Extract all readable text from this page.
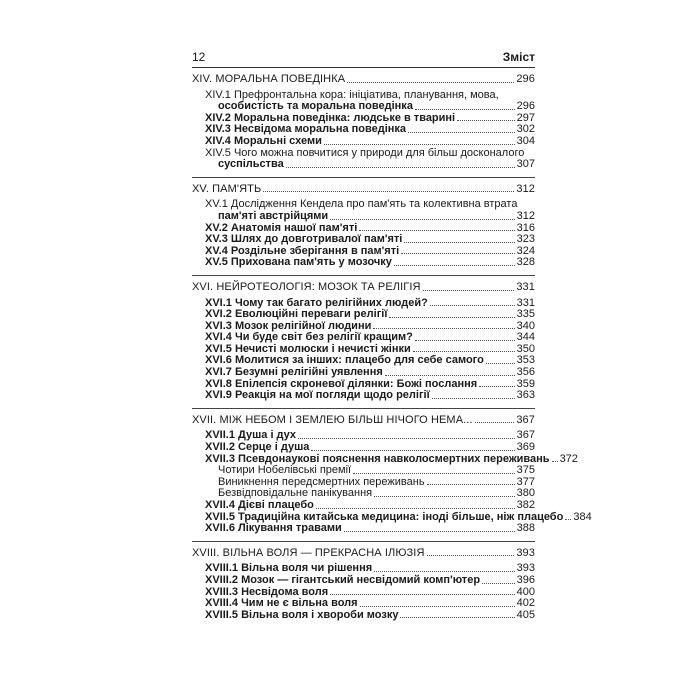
12	Зміст
XIV. МОРАЛЬНА ПОВЕДІНКА	296
XIV.1 Префронтальна кора: ініціатива, планування, мова,
особистість та моральна поведінка	296
XIV.2 Моральна поведінка: людське в тварині	297
XIV.3 Несвідома моральна поведінка	302
XIV.4 Моральні схеми	304
XIV.5 Чого можна повчитися у природи для більш досконалого
суспільства	307
XV. ПАМ'ЯТЬ	312
XV.1 Дослідження Кендела про пам'ять та колективна втрата
пам'яті австрійцями	312
XV.2 Анатомія нашої пам'яті	316
XV.3 Шлях до довготривалої пам'яті	323
XV.4 Роздільне зберігання в пам'яті	324
XV.5 Прихована пам'ять у мозочку	328
XVI. НЕЙРОТЕОЛОГІЯ: МОЗОК ТА РЕЛІГІЯ	331
XVI.1 Чому так багато релігійних людей?	331
XVI.2 Еволюційні переваги релігії	335
XVI.3 Мозок релігійної людини	340
XVI.4 Чи буде світ без релігії кращим?	344
XVI.5 Нечисті молюски і нечисті жінки	350
XVI.6 Молитися за інших: плацебо для себе самого	353
XVI.7 Безумні релігійні уявлення	356
XVI.8 Епілепсія скроневої ділянки: Божі послання	359
XVI.9 Реакція на мої погляди щодо релігії	363
XVII. МІЖ НЕБОМ І ЗЕМЛЕЮ БІЛЬШ НІЧОГО НЕМА...	367
XVII.1 Душа і дух	367
XVII.2 Серце і душа	369
XVII.3 Псевдонаукові пояснення навколосмертних переживань 372
Чотири Нобелівські премії	375
Виникнення передсмертних переживань	377
Безвідповідальне панікування	380
XVII.4 Дієві плацебо	382
XVII.5 Традиційна китайська медицина: іноді більше, ніж плацебо 384
XVII.6 Лікування травами	388
XVIII. ВІЛЬНА ВОЛЯ — ПРЕКРАСНА ІЛЮЗІЯ	393
XVIII.1 Вільна воля чи рішення	393
XVIII.2 Мозок — гігантський несвідомий комп'ютер	396
XVIII.3 Несвідома воля	400
XVIII.4 Чим не є вільна воля	402
XVIII.5 Вільна воля і хвороби мозку	405
